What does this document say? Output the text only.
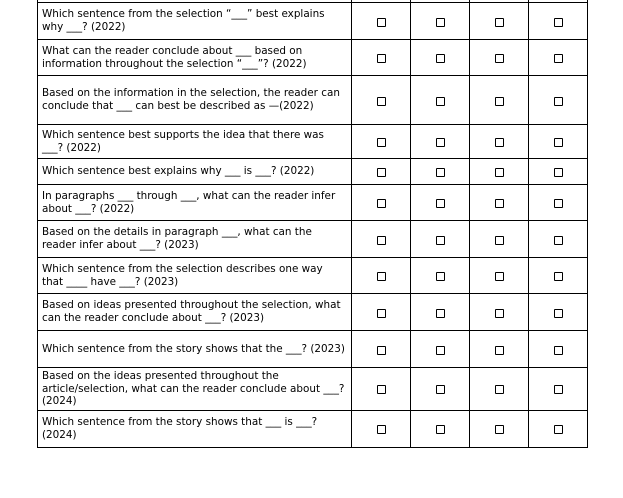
Which sentence from the selection “___” best explains why ___? (2022)				
What can the reader conclude about ___ based on information throughout the selection “___”? (2022)				
Based on the information in the selection, the reader can conclude that ___ can best be described as —(2022)				
Which sentence best supports the idea that there was ___? (2022)				
Which sentence best explains why ___ is ___? (2022)				
In paragraphs ___ through ___, what can the reader infer about ___? (2022)				
Based on the details in paragraph ___, what can the reader infer about ___? (2023)				
Which sentence from the selection describes one way that ____ have ___? (2023)				
Based on ideas presented throughout the selection, what can the reader conclude about ___? (2023)				
Which sentence from the story shows that the ___? (2023)				
Based on the ideas presented throughout the article/selection, what can the reader conclude about ___? (2024)				
Which sentence from the story shows that ___ is ___? (2024)				
